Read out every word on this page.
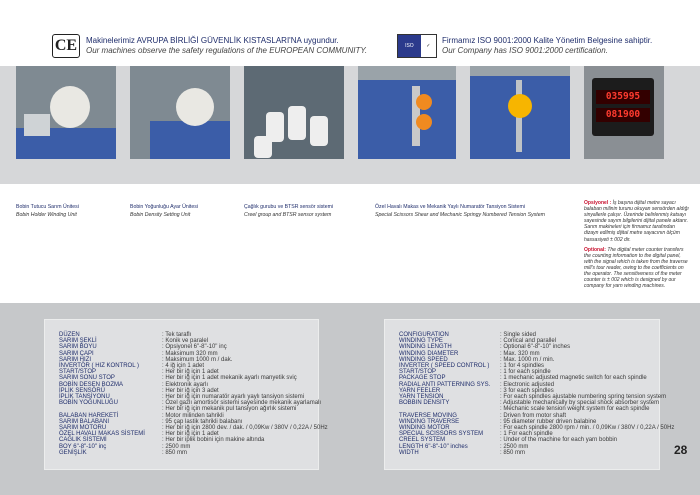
CE Makinelerimiz AVRUPA BİRLİĞİ GÜVENLİK KISTASLARI'NA uygundur.
Our machines observe the safety regulations of the EUROPEAN COMMUNITY.	ISO	✓
Firmamız ISO 9001:2000 Kalite Yönetim Belgesine sahiptir.
Our Company has ISO 9001:2000 certification.
035995
081900
Bobin Tutucu Sarım Ünitesi
Bobin Holder Winding Unit
Bobin Yoğunluğu Ayar Ünitesi
Bobin Density Setting Unit
Çağlık gurubu ve BTSR sensör sistemi
Creel group and BTSR sensor system
Özel Havalı Makas ve Mekanik Yaylı Numaratör Tansiyon Sistemi
Special Scissors Shear and Mechanic Springy Numbered Tension System
Opsiyonel : İş başına dijital metre sayacı balaban milinin turunu okuyan sensörden aldığı sinyallerle çalışır. Üzerinde belirlenmiş katsayı sayesinde sayım bilgilerini dijital panele aktarır. Sarım makineleri için firmamız tarafından dizayn edilmiş dijital metre sayacının ölçüm hassasiyeti ± 002 dir.
Optional: The digital meter counter transfers the counting information to the digital panel, with the signal which is taken from the traverse mill's tour reader, owing to the coefficients on the operator. The sensitiveness of the meter counter is ± 002 which is designed by our company for yarn winding machines.
DÜZEN	: Tek taraflı
SARIM ŞEKLİ	: Konik ve paralel
SARIM BOYU	: Opsiyonel 6"-8"-10" inç
SARIM ÇAPI	: Maksimum 320 mm
SARIM HIZI	: Maksimum 1000 m / dak.
İNVERTÖR ( HIZ KONTROL )	: 4 iğ için 1 adet
START/STOP	: Her bir iğ için 1 adet
SARIM SONU STOP	: Her bir iğ için 1 adet mekanik ayarlı manyetik sviç
BOBİN DESEN BOZMA	: Elektronik ayarlı
İPLİK SENSÖRÜ	: Her bir iğ için 3 adet
İPLİK TANSİYONU	: Her bir iğ için numaratör ayarlı yaylı tansiyon sistemi
BOBİN YOĞUNLUĞU	: Özel gazlı amortisör sistemi sayesinde mekanik ayarlamalı
: Her bir iğ için mekanik pul tansiyon ağırlık sistemi
BALABAN HAREKETİ	: Motor milinden tahrikli
SARIM BALABANI	: 95 çap lastik tahrikli balabanı
SARIM MOTORU	: Her bir iğ için 2800 dev. / dak. / 0,09Kw / 380V / 0,22A / 50Hz
ÖZEL HAVALI MAKAS SİSTEMİ	: Her bir iğ için 1 adet
CAĞLIK SİSTEMİ	: Her bir iplik bobini için makine altında
BOY 6"-8"-10" inç	: 2500 mm
GENİŞLİK	: 850 mm
CONFIGURATION	: Single sided
WINDING TYPE	: Conical and parallel
WINDING LENGTH	: Optional 6"-8"-10" inches
WINDING DIAMETER	: Max. 320 mm
WINDING SPEED	: Max. 1000 m / min.
INVERTER ( SPEED CONTROL ) : 1 for 4 spindles
START/STOP	: 1 for each spindle
PACKAGE STOP	: 1 mechanic adjusted magnetic switch for each spindle
RADIAL ANTI PATTERNING SYS. : Electronic adjusted
YARN FEELER	: 3 for each spindles
YARN TENSION	: For each spindles ajustable numbering spring tension system
BOBBIN DENSITY	: Adjustable mechanically by special shock absorber system
: Mechanic scale tension weight system for each spindle
TRAVERSE MOVING	: Driven from motor shaft
WINDING TRAVERSE	: 95 diameter rubber driven balabine
WINDING MOTOR	: For each spindle 2800 rpm / min. / 0,09Kw / 380V / 0,22A / 50Hz
SPECIAL SCISSORS SYSTEM	: 1 For each spindle
CREEL SYSTEM	: Under of the machine for each yarn bobbin
LENGTH 6"-8"-10" inches	: 2500 mm
WIDTH	: 850 mm	28
